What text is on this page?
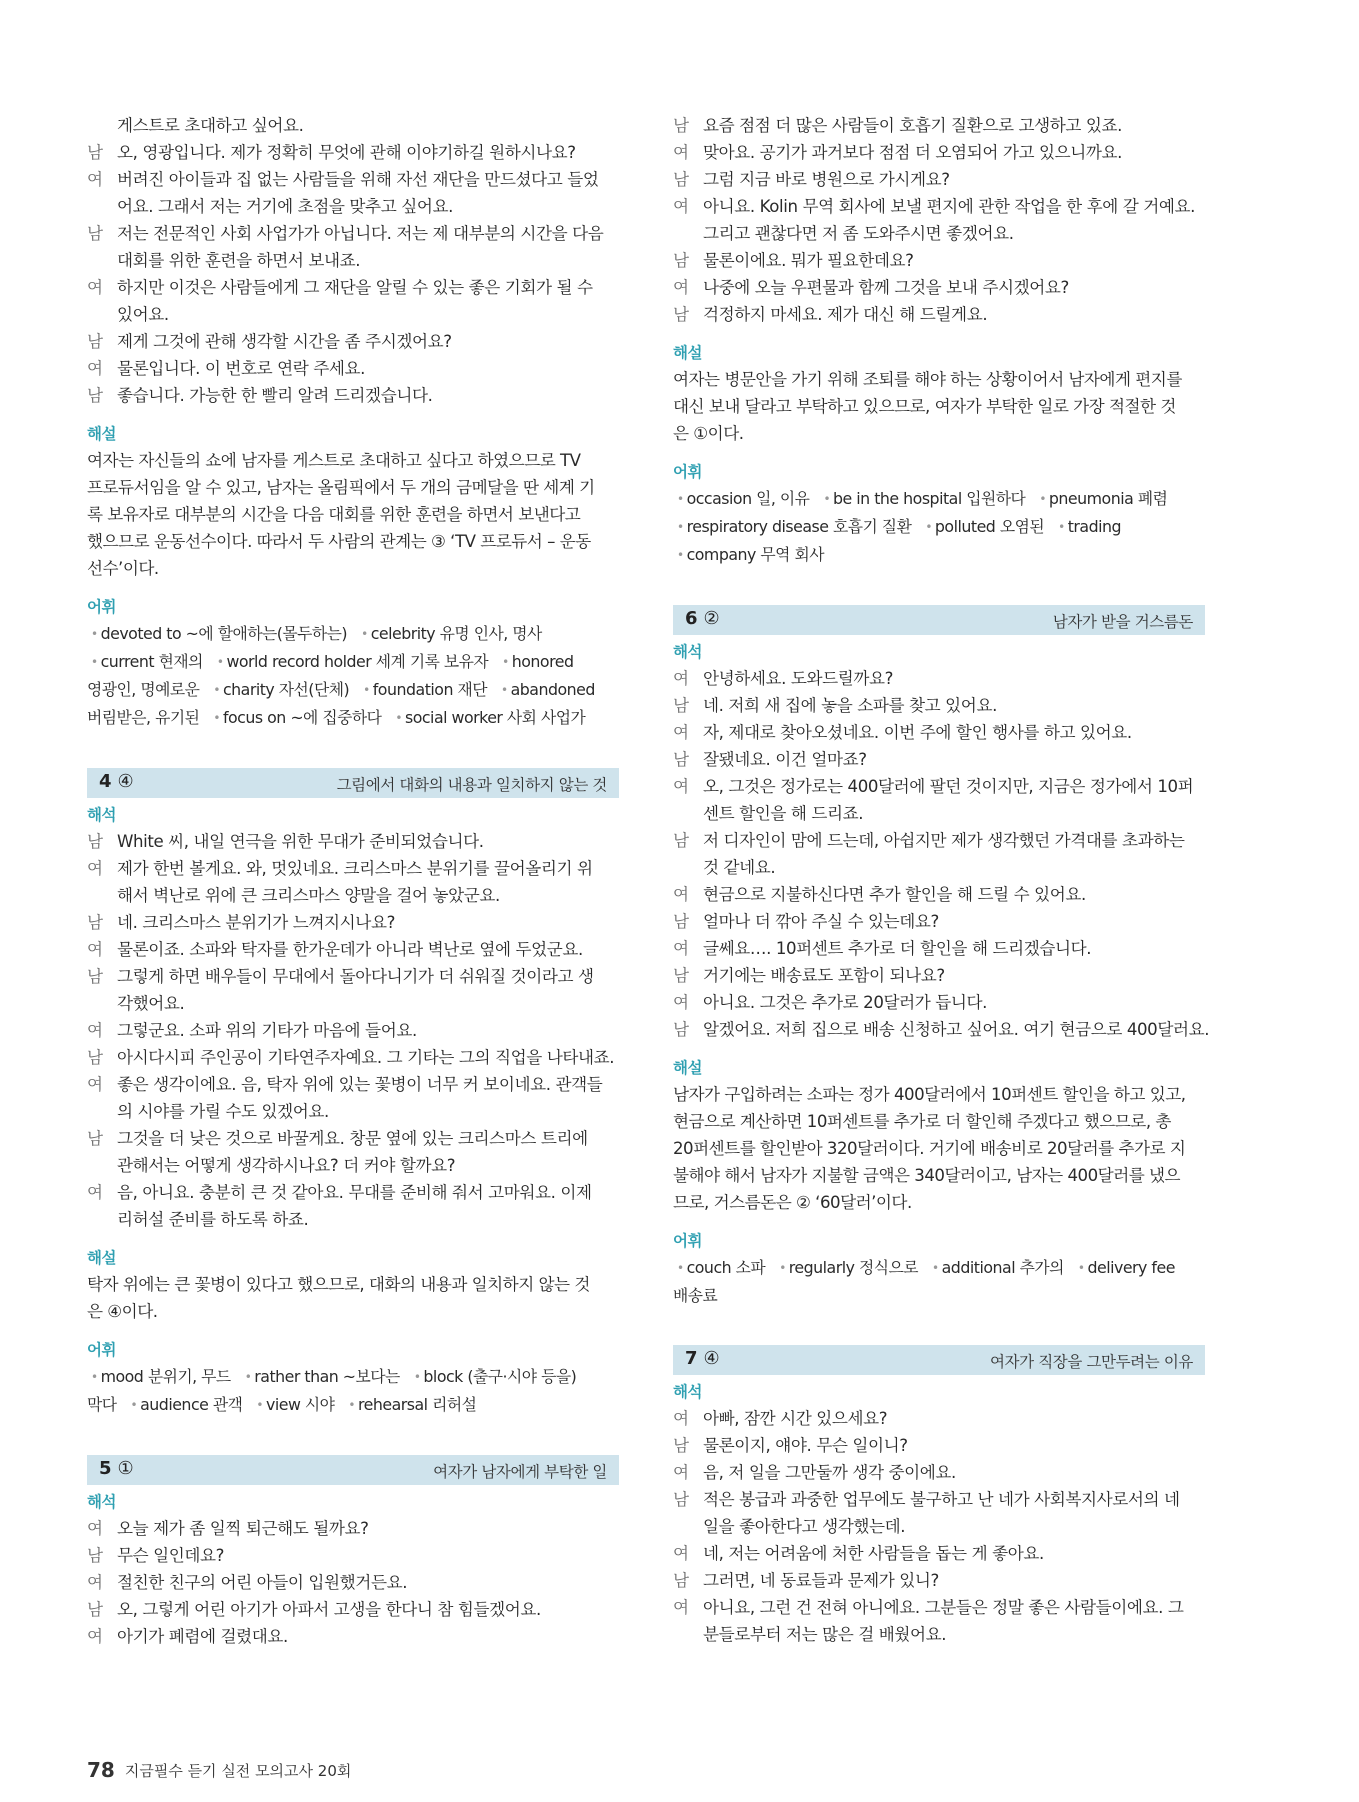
게스트로 초대하고 싶어요.
남 오, 영광입니다. 제가 정확히 무엇에 관해 이야기하길 원하시나요?
여 버려진 아이들과 집 없는 사람들을 위해 자선 재단을 만드셨다고 들었
어요. 그래서 저는 거기에 초점을 맞추고 싶어요.
남 저는 전문적인 사회 사업가가 아닙니다. 저는 제 대부분의 시간을 다음
대회를 위한 훈련을 하면서 보내죠.
여 하지만 이것은 사람들에게 그 재단을 알릴 수 있는 좋은 기회가 될 수
있어요.
남 제게 그것에 관해 생각할 시간을 좀 주시겠어요?
여 물론입니다. 이 번호로 연락 주세요.
남 좋습니다. 가능한 한 빨리 알려 드리겠습니다.
해설
여자는 자신들의 쇼에 남자를 게스트로 초대하고 싶다고 하였으므로 TV
프로듀서임을 알 수 있고, 남자는 올림픽에서 두 개의 금메달을 딴 세계 기
록 보유자로 대부분의 시간을 다음 대회를 위한 훈련을 하면서 보낸다고
했으므로 운동선수이다. 따라서 두 사람의 관계는 ③ ‘TV 프로듀서 – 운동
선수’이다.
어휘
• devoted to ~에 할애하는(몰두하는) • celebrity 유명 인사, 명사
• current 현재의 • world record holder 세계 기록 보유자 • honored
영광인, 명예로운 • charity 자선(단체) • foundation 재단 • abandoned
버림받은, 유기된 • focus on ~에 집중하다 • social worker 사회 사업가
4 ④	그림에서 대화의 내용과 일치하지 않는 것
해석
남 White 씨, 내일 연극을 위한 무대가 준비되었습니다.
여 제가 한번 볼게요. 와, 멋있네요. 크리스마스 분위기를 끌어올리기 위
해서 벽난로 위에 큰 크리스마스 양말을 걸어 놓았군요.
남 네. 크리스마스 분위기가 느껴지시나요?
여 물론이죠. 소파와 탁자를 한가운데가 아니라 벽난로 옆에 두었군요.
남 그렇게 하면 배우들이 무대에서 돌아다니기가 더 쉬워질 것이라고 생
각했어요.
여 그렇군요. 소파 위의 기타가 마음에 들어요.
남 아시다시피 주인공이 기타연주자예요. 그 기타는 그의 직업을 나타내죠.
여 좋은 생각이에요. 음, 탁자 위에 있는 꽃병이 너무 커 보이네요. 관객들
의 시야를 가릴 수도 있겠어요.
남 그것을 더 낮은 것으로 바꿀게요. 창문 옆에 있는 크리스마스 트리에
관해서는 어떻게 생각하시나요? 더 커야 할까요?
여 음, 아니요. 충분히 큰 것 같아요. 무대를 준비해 줘서 고마워요. 이제
리허설 준비를 하도록 하죠.
해설
탁자 위에는 큰 꽃병이 있다고 했으므로, 대화의 내용과 일치하지 않는 것
은 ④이다.
어휘
• mood 분위기, 무드 • rather than ~보다는 • block (출구·시야 등을)
막다 • audience 관객 • view 시야 • rehearsal 리허설
5 ①	여자가 남자에게 부탁한 일
해석
여 오늘 제가 좀 일찍 퇴근해도 될까요?
남 무슨 일인데요?
여 절친한 친구의 어린 아들이 입원했거든요.
남 오, 그렇게 어린 아기가 아파서 고생을 한다니 참 힘들겠어요.
여 아기가 폐렴에 걸렸대요.
남 요즘 점점 더 많은 사람들이 호흡기 질환으로 고생하고 있죠.
여 맞아요. 공기가 과거보다 점점 더 오염되어 가고 있으니까요.
남 그럼 지금 바로 병원으로 가시게요?
여 아니요. Kolin 무역 회사에 보낼 편지에 관한 작업을 한 후에 갈 거예요.
그리고 괜찮다면 저 좀 도와주시면 좋겠어요.
남 물론이에요. 뭐가 필요한데요?
여 나중에 오늘 우편물과 함께 그것을 보내 주시겠어요?
남 걱정하지 마세요. 제가 대신 해 드릴게요.
해설
여자는 병문안을 가기 위해 조퇴를 해야 하는 상황이어서 남자에게 편지를
대신 보내 달라고 부탁하고 있으므로, 여자가 부탁한 일로 가장 적절한 것
은 ①이다.
어휘
• occasion 일, 이유 • be in the hospital 입원하다 • pneumonia 폐렴
• respiratory disease 호흡기 질환 • polluted 오염된 • trading
• company 무역 회사
6 ②	남자가 받을 거스름돈
해석
여 안녕하세요. 도와드릴까요?
남 네. 저희 새 집에 놓을 소파를 찾고 있어요.
여 자, 제대로 찾아오셨네요. 이번 주에 할인 행사를 하고 있어요.
남 잘됐네요. 이건 얼마죠?
여 오, 그것은 정가로는 400달러에 팔던 것이지만, 지금은 정가에서 10퍼
센트 할인을 해 드리죠.
남 저 디자인이 맘에 드는데, 아쉽지만 제가 생각했던 가격대를 초과하는
것 같네요.
여 현금으로 지불하신다면 추가 할인을 해 드릴 수 있어요.
남 얼마나 더 깎아 주실 수 있는데요?
여 글쎄요…. 10퍼센트 추가로 더 할인을 해 드리겠습니다.
남 거기에는 배송료도 포함이 되나요?
여 아니요. 그것은 추가로 20달러가 듭니다.
남 알겠어요. 저희 집으로 배송 신청하고 싶어요. 여기 현금으로 400달러요.
해설
남자가 구입하려는 소파는 정가 400달러에서 10퍼센트 할인을 하고 있고,
현금으로 계산하면 10퍼센트를 추가로 더 할인해 주겠다고 했으므로, 총
20퍼센트를 할인받아 320달러이다. 거기에 배송비로 20달러를 추가로 지
불해야 해서 남자가 지불할 금액은 340달러이고, 남자는 400달러를 냈으
므로, 거스름돈은 ② ‘60달러’이다.
어휘
• couch 소파 • regularly 정식으로 • additional 추가의 • delivery fee
배송료
7 ④	여자가 직장을 그만두려는 이유
해석
여 아빠, 잠깐 시간 있으세요?
남 물론이지, 얘야. 무슨 일이니?
여 음, 저 일을 그만둘까 생각 중이에요.
남 적은 봉급과 과중한 업무에도 불구하고 난 네가 사회복지사로서의 네
일을 좋아한다고 생각했는데.
여 네, 저는 어려움에 처한 사람들을 돕는 게 좋아요.
남 그러면, 네 동료들과 문제가 있니?
여 아니요, 그런 건 전혀 아니에요. 그분들은 정말 좋은 사람들이에요. 그
분들로부터 저는 많은 걸 배웠어요.
78 지금필수 듣기 실전 모의고사 20회
